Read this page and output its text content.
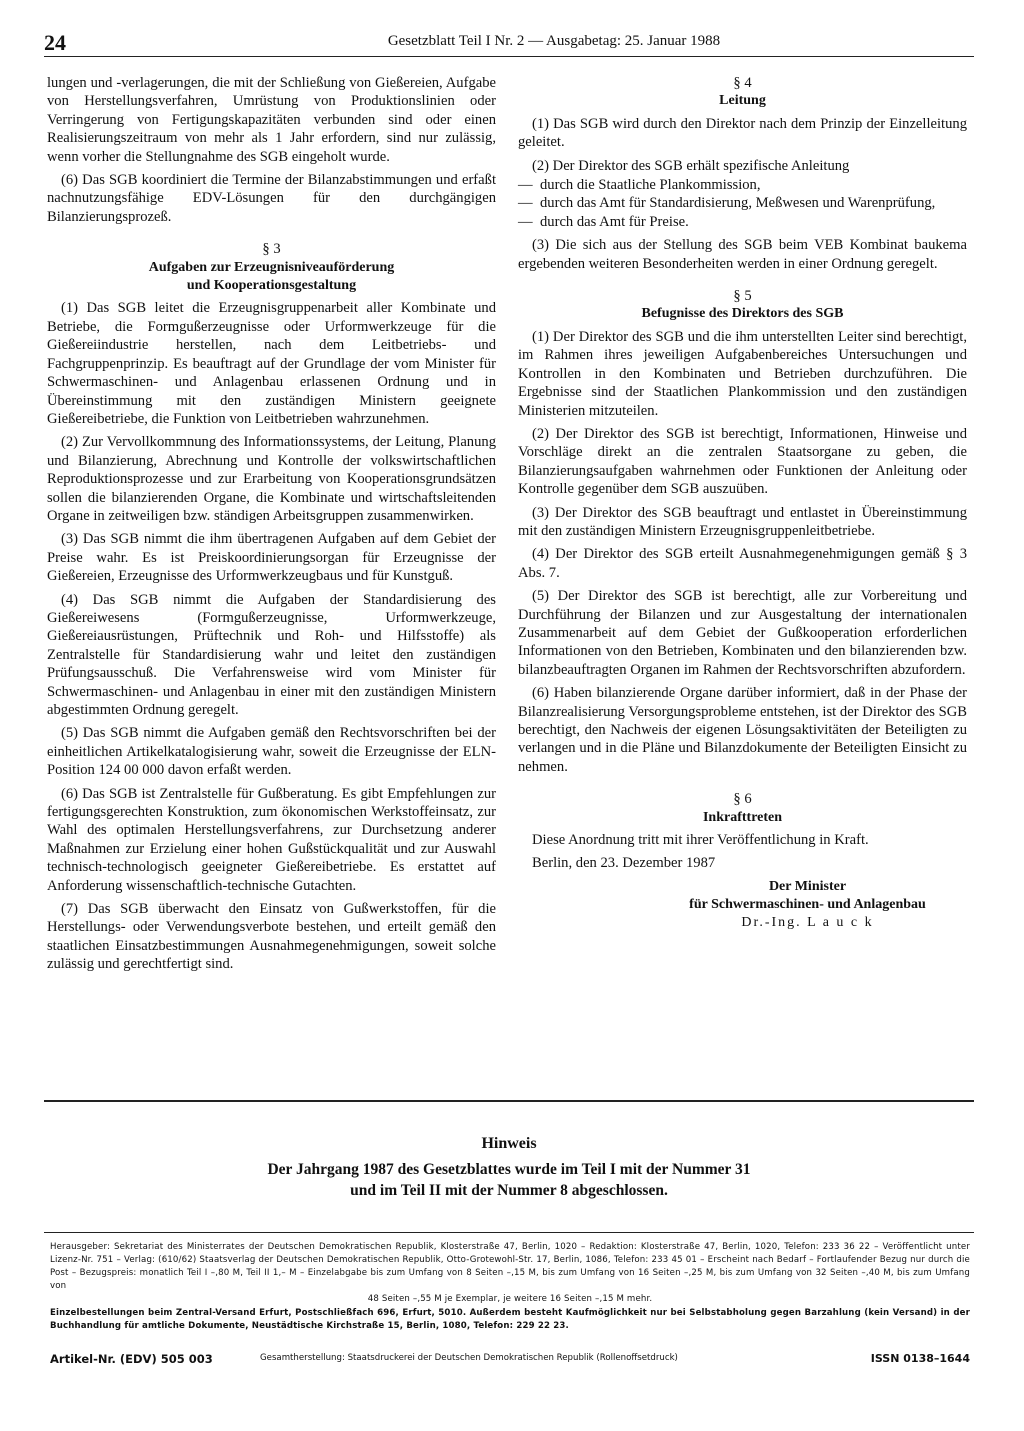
24	Gesetzblatt Teil I Nr. 2 — Ausgabetag: 25. Januar 1988

lungen und -verlagerungen, die mit der Schließung von Gießereien, Aufgabe von Herstellungsverfahren, Umrüstung von Produktionslinien oder Verringerung von Fertigungskapazitäten verbunden sind oder einen Realisierungszeitraum von mehr als 1 Jahr erfordern, sind nur zulässig, wenn vorher die Stellungnahme des SGB eingeholt wurde.

(6) Das SGB koordiniert die Termine der Bilanzabstimmungen und erfaßt nachnutzungsfähige EDV-Lösungen für den durchgängigen Bilanzierungsprozeß.

§ 3
Aufgaben zur Erzeugnisniveauförderung
und Kooperationsgestaltung

(1) Das SGB leitet die Erzeugnisgruppenarbeit aller Kombinate und Betriebe, die Formgußerzeugnisse oder Urformwerkzeuge für die Gießereiindustrie herstellen, nach dem Leitbetriebs- und Fachgruppenprinzip. Es beauftragt auf der Grundlage der vom Minister für Schwermaschinen- und Anlagenbau erlassenen Ordnung und in Übereinstimmung mit den zuständigen Ministern geeignete Gießereibetriebe, die Funktion von Leitbetrieben wahrzunehmen.

(2) Zur Vervollkommnung des Informationssystems, der Leitung, Planung und Bilanzierung, Abrechnung und Kontrolle der volkswirtschaftlichen Reproduktionsprozesse und zur Erarbeitung von Kooperationsgrundsätzen sollen die bilanzierenden Organe, die Kombinate und wirtschaftsleitenden Organe in zeitweiligen bzw. ständigen Arbeitsgruppen zusammenwirken.

(3) Das SGB nimmt die ihm übertragenen Aufgaben auf dem Gebiet der Preise wahr. Es ist Preiskoordinierungsorgan für Erzeugnisse der Gießereien, Erzeugnisse des Urformwerkzeugbaus und für Kunstguß.

(4) Das SGB nimmt die Aufgaben der Standardisierung des Gießereiwesens (Formgußerzeugnisse, Urformwerkzeuge, Gießereiausrüstungen, Prüftechnik und Roh- und Hilfsstoffe) als Zentralstelle für Standardisierung wahr und leitet den zuständigen Prüfungsausschuß. Die Verfahrensweise wird vom Minister für Schwermaschinen- und Anlagenbau in einer mit den zuständigen Ministern abgestimmten Ordnung geregelt.

(5) Das SGB nimmt die Aufgaben gemäß den Rechtsvorschriften bei der einheitlichen Artikelkatalogisierung wahr, soweit die Erzeugnisse der ELN-Position 124 00 000 davon erfaßt werden.

(6) Das SGB ist Zentralstelle für Gußberatung. Es gibt Empfehlungen zur fertigungsgerechten Konstruktion, zum ökonomischen Werkstoffeinsatz, zur Wahl des optimalen Herstellungsverfahrens, zur Durchsetzung anderer Maßnahmen zur Erzielung einer hohen Gußstückqualität und zur Auswahl technisch-technologisch geeigneter Gießereibetriebe. Es erstattet auf Anforderung wissenschaftlich-technische Gutachten.

(7) Das SGB überwacht den Einsatz von Gußwerkstoffen, für die Herstellungs- oder Verwendungsverbote bestehen, und erteilt gemäß den staatlichen Einsatzbestimmungen Ausnahmegenehmigungen, soweit solche zulässig und gerechtfertigt sind.

§ 4
Leitung

(1) Das SGB wird durch den Direktor nach dem Prinzip der Einzelleitung geleitet.

(2) Der Direktor des SGB erhält spezifische Anleitung

— durch die Staatliche Plankommission,
— durch das Amt für Standardisierung, Meßwesen und Warenprüfung,
— durch das Amt für Preise.

(3) Die sich aus der Stellung des SGB beim VEB Kombinat baukema ergebenden weiteren Besonderheiten werden in einer Ordnung geregelt.

§ 5
Befugnisse des Direktors des SGB

(1) Der Direktor des SGB und die ihm unterstellten Leiter sind berechtigt, im Rahmen ihres jeweiligen Aufgabenbereiches Untersuchungen und Kontrollen in den Kombinaten und Betrieben durchzuführen. Die Ergebnisse sind der Staatlichen Plankommission und den zuständigen Ministerien mitzuteilen.

(2) Der Direktor des SGB ist berechtigt, Informationen, Hinweise und Vorschläge direkt an die zentralen Staatsorgane zu geben, die Bilanzierungsaufgaben wahrnehmen oder Funktionen der Anleitung oder Kontrolle gegenüber dem SGB auszuüben.

(3) Der Direktor des SGB beauftragt und entlastet in Übereinstimmung mit den zuständigen Ministern Erzeugnisgruppenleitbetriebe.

(4) Der Direktor des SGB erteilt Ausnahmegenehmigungen gemäß § 3 Abs. 7.

(5) Der Direktor des SGB ist berechtigt, alle zur Vorbereitung und Durchführung der Bilanzen und zur Ausgestaltung der internationalen Zusammenarbeit auf dem Gebiet der Gußkooperation erforderlichen Informationen von den Betrieben, Kombinaten und den bilanzierenden bzw. bilanzbeauftragten Organen im Rahmen der Rechtsvorschriften abzufordern.

(6) Haben bilanzierende Organe darüber informiert, daß in der Phase der Bilanzrealisierung Versorgungsprobleme entstehen, ist der Direktor des SGB berechtigt, den Nachweis der eigenen Lösungsaktivitäten der Beteiligten zu verlangen und in die Pläne und Bilanzdokumente der Beteiligten Einsicht zu nehmen.

§ 6
Inkrafttreten

Diese Anordnung tritt mit ihrer Veröffentlichung in Kraft.

Berlin, den 23. Dezember 1987

Der Minister
für Schwermaschinen- und Anlagenbau
Dr.-Ing. L a u c k
Hinweis
Der Jahrgang 1987 des Gesetzblattes wurde im Teil I mit der Nummer 31
und im Teil II mit der Nummer 8 abgeschlossen.

Herausgeber: Sekretariat des Ministerrates der Deutschen Demokratischen Republik, Klosterstraße 47, Berlin, 1020 – Redaktion: Klosterstraße 47, Berlin, 1020, Telefon: 233 36 22 – Veröffentlicht unter Lizenz-Nr. 751 – Verlag: (610/62) Staatsverlag der Deutschen Demokratischen Republik, Otto-Grotewohl-Str. 17, Berlin, 1086, Telefon: 233 45 01 – Erscheint nach Bedarf – Fortlaufender Bezug nur durch die Post – Bezugspreis: monatlich Teil I –,80 M, Teil II 1,– M – Einzelabgabe bis zum Umfang von 8 Seiten –,15 M, bis zum Umfang von 16 Seiten –,25 M, bis zum Umfang von 32 Seiten –,40 M, bis zum Umfang von

48 Seiten –,55 M je Exemplar, je weitere 16 Seiten –,15 M mehr.

Einzelbestellungen beim Zentral-Versand Erfurt, Postschließfach 696, Erfurt, 5010. Außerdem besteht Kaufmöglichkeit nur bei Selbstabholung gegen Barzahlung (kein Versand) in der Buchhandlung für amtliche Dokumente, Neustädtische Kirchstraße 15, Berlin, 1080, Telefon: 229 22 23.

Artikel-Nr. (EDV) 505 003	Gesamtherstellung: Staatsdruckerei der Deutschen Demokratischen Republik (Rollenoffsetdruck)	ISSN 0138–1644
